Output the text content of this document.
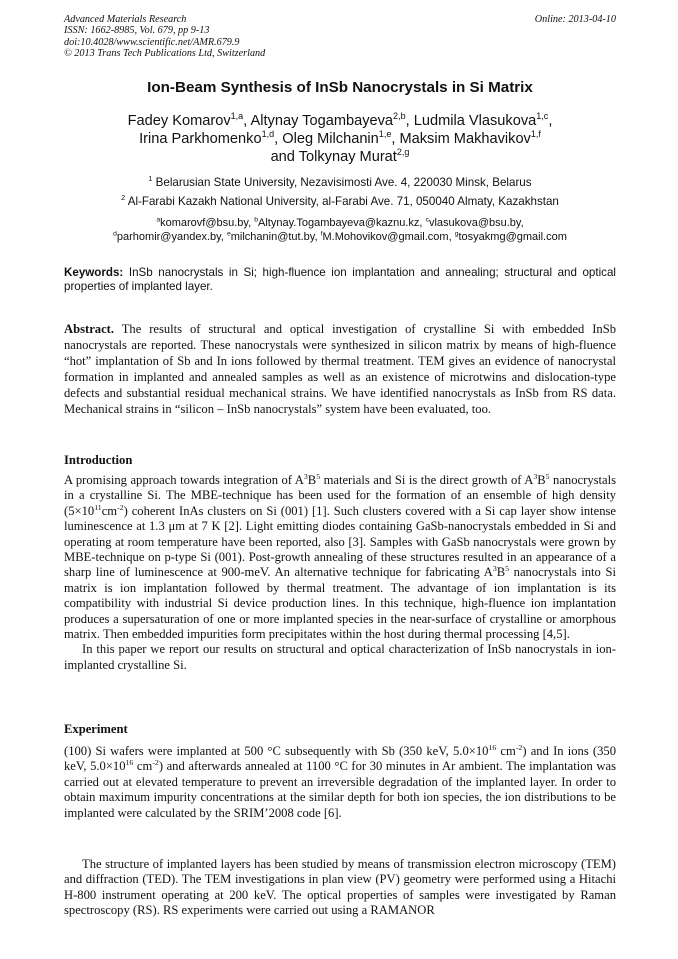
Advanced Materials Research
ISSN: 1662-8985, Vol. 679, pp 9-13
doi:10.4028/www.scientific.net/AMR.679.9
© 2013 Trans Tech Publications Ltd, Switzerland
Online: 2013-04-10
Ion-Beam Synthesis of InSb Nanocrystals in Si Matrix
Fadey Komarov$^{1,a}$, Altynay Togambayeva$^{2,b}$, Ludmila Vlasukova$^{1,c}$,
Irina Parkhomenko$^{1,d}$, Oleg Milchanin$^{1,e}$, Maksim Makhavikov$^{1,f}$
and Tolkynay Murat$^{2,g}$
$^1$ Belarusian State University, Nezavisimosti Ave. 4, 220030 Minsk, Belarus
$^2$ Al-Farabi Kazakh National University, al-Farabi Ave. 71, 050040 Almaty, Kazakhstan
$^a$komarovf@bsu.by, $^b$Altynay.Togambayeva@kaznu.kz, $^c$vlasukova@bsu.by,
$^d$parhomir@yandex.by, $^e$milchanin@tut.by, $^f$M.Mohovikov@gmail.com, $^g$tosyakmg@gmail.com
Keywords: InSb nanocrystals in Si; high-fluence ion implantation and annealing; structural and optical properties of implanted layer.
Abstract. The results of structural and optical investigation of crystalline Si with embedded InSb nanocrystals are reported. These nanocrystals were synthesized in silicon matrix by means of high-fluence “hot” implantation of Sb and In ions followed by thermal treatment. TEM gives an evidence of nanocrystal formation in implanted and annealed samples as well as an existence of microtwins and dislocation-type defects and substantial residual mechanical strains. We have identified nanocrystals as InSb from RS data. Mechanical strains in “silicon – InSb nanocrystals” system have been evaluated, too.
Introduction

A promising approach towards integration of $A^3B^5$ materials and Si is the direct growth of $A^3B^5$ nanocrystals in a crystalline Si. The MBE-technique has been used for the formation of an ensemble of high density $(5\times 10^{11}cm^{-2})$ coherent InAs clusters on Si (001) [1]. Such clusters covered with a Si cap layer show intense luminescence at 1.3 μm at 7 K [2]. Light emitting diodes containing GaSb-nanocrystals embedded in Si and operating at room temperature have been reported, also [3]. Samples with GaSb nanocrystals were grown by MBE-technique on p-type Si (001). Post-growth annealing of these structures resulted in an appearance of a sharp line of luminescence at 900-meV. An alternative technique for fabricating $A^3B^5$ nanocrystals into Si matrix is ion implantation followed by thermal treatment. The advantage of ion implantation is its compatibility with industrial Si device production lines. In this technique, high-fluence ion implantation produces a supersaturation of one or more implanted species in the near-surface of crystalline or amorphous matrix. Then embedded impurities form precipitates within the host during thermal processing [4,5].

In this paper we report our results on structural and optical characterization of InSb nanocrystals in ion-implanted crystalline Si.

Experiment
(100) Si wafers were implanted at 500 °C subsequently with Sb (350 keV, $5.0\times 10^{16}$ $cm^{-2}$) and In ions (350 keV, $5.0\times 10^{16}$ $cm^{-2}$) and afterwards annealed at 1100 °C for 30 minutes in Ar ambient. The implantation was carried out at elevated temperature to prevent an irreversible degradation of the implanted layer. In order to obtain maximum impurity concentrations at the similar depth for both ion species, the ion distributions to be implanted were calculated by the SRIM’2008 code [6].
The structure of implanted layers has been studied by means of transmission electron microscopy (TEM) and diffraction (TED). The TEM investigations in plan view (PV) geometry were performed using a Hitachi H-800 instrument operating at 200 keV. The optical properties of samples were investigated by Raman spectroscopy (RS). RS experiments were carried out using a RAMANOR
